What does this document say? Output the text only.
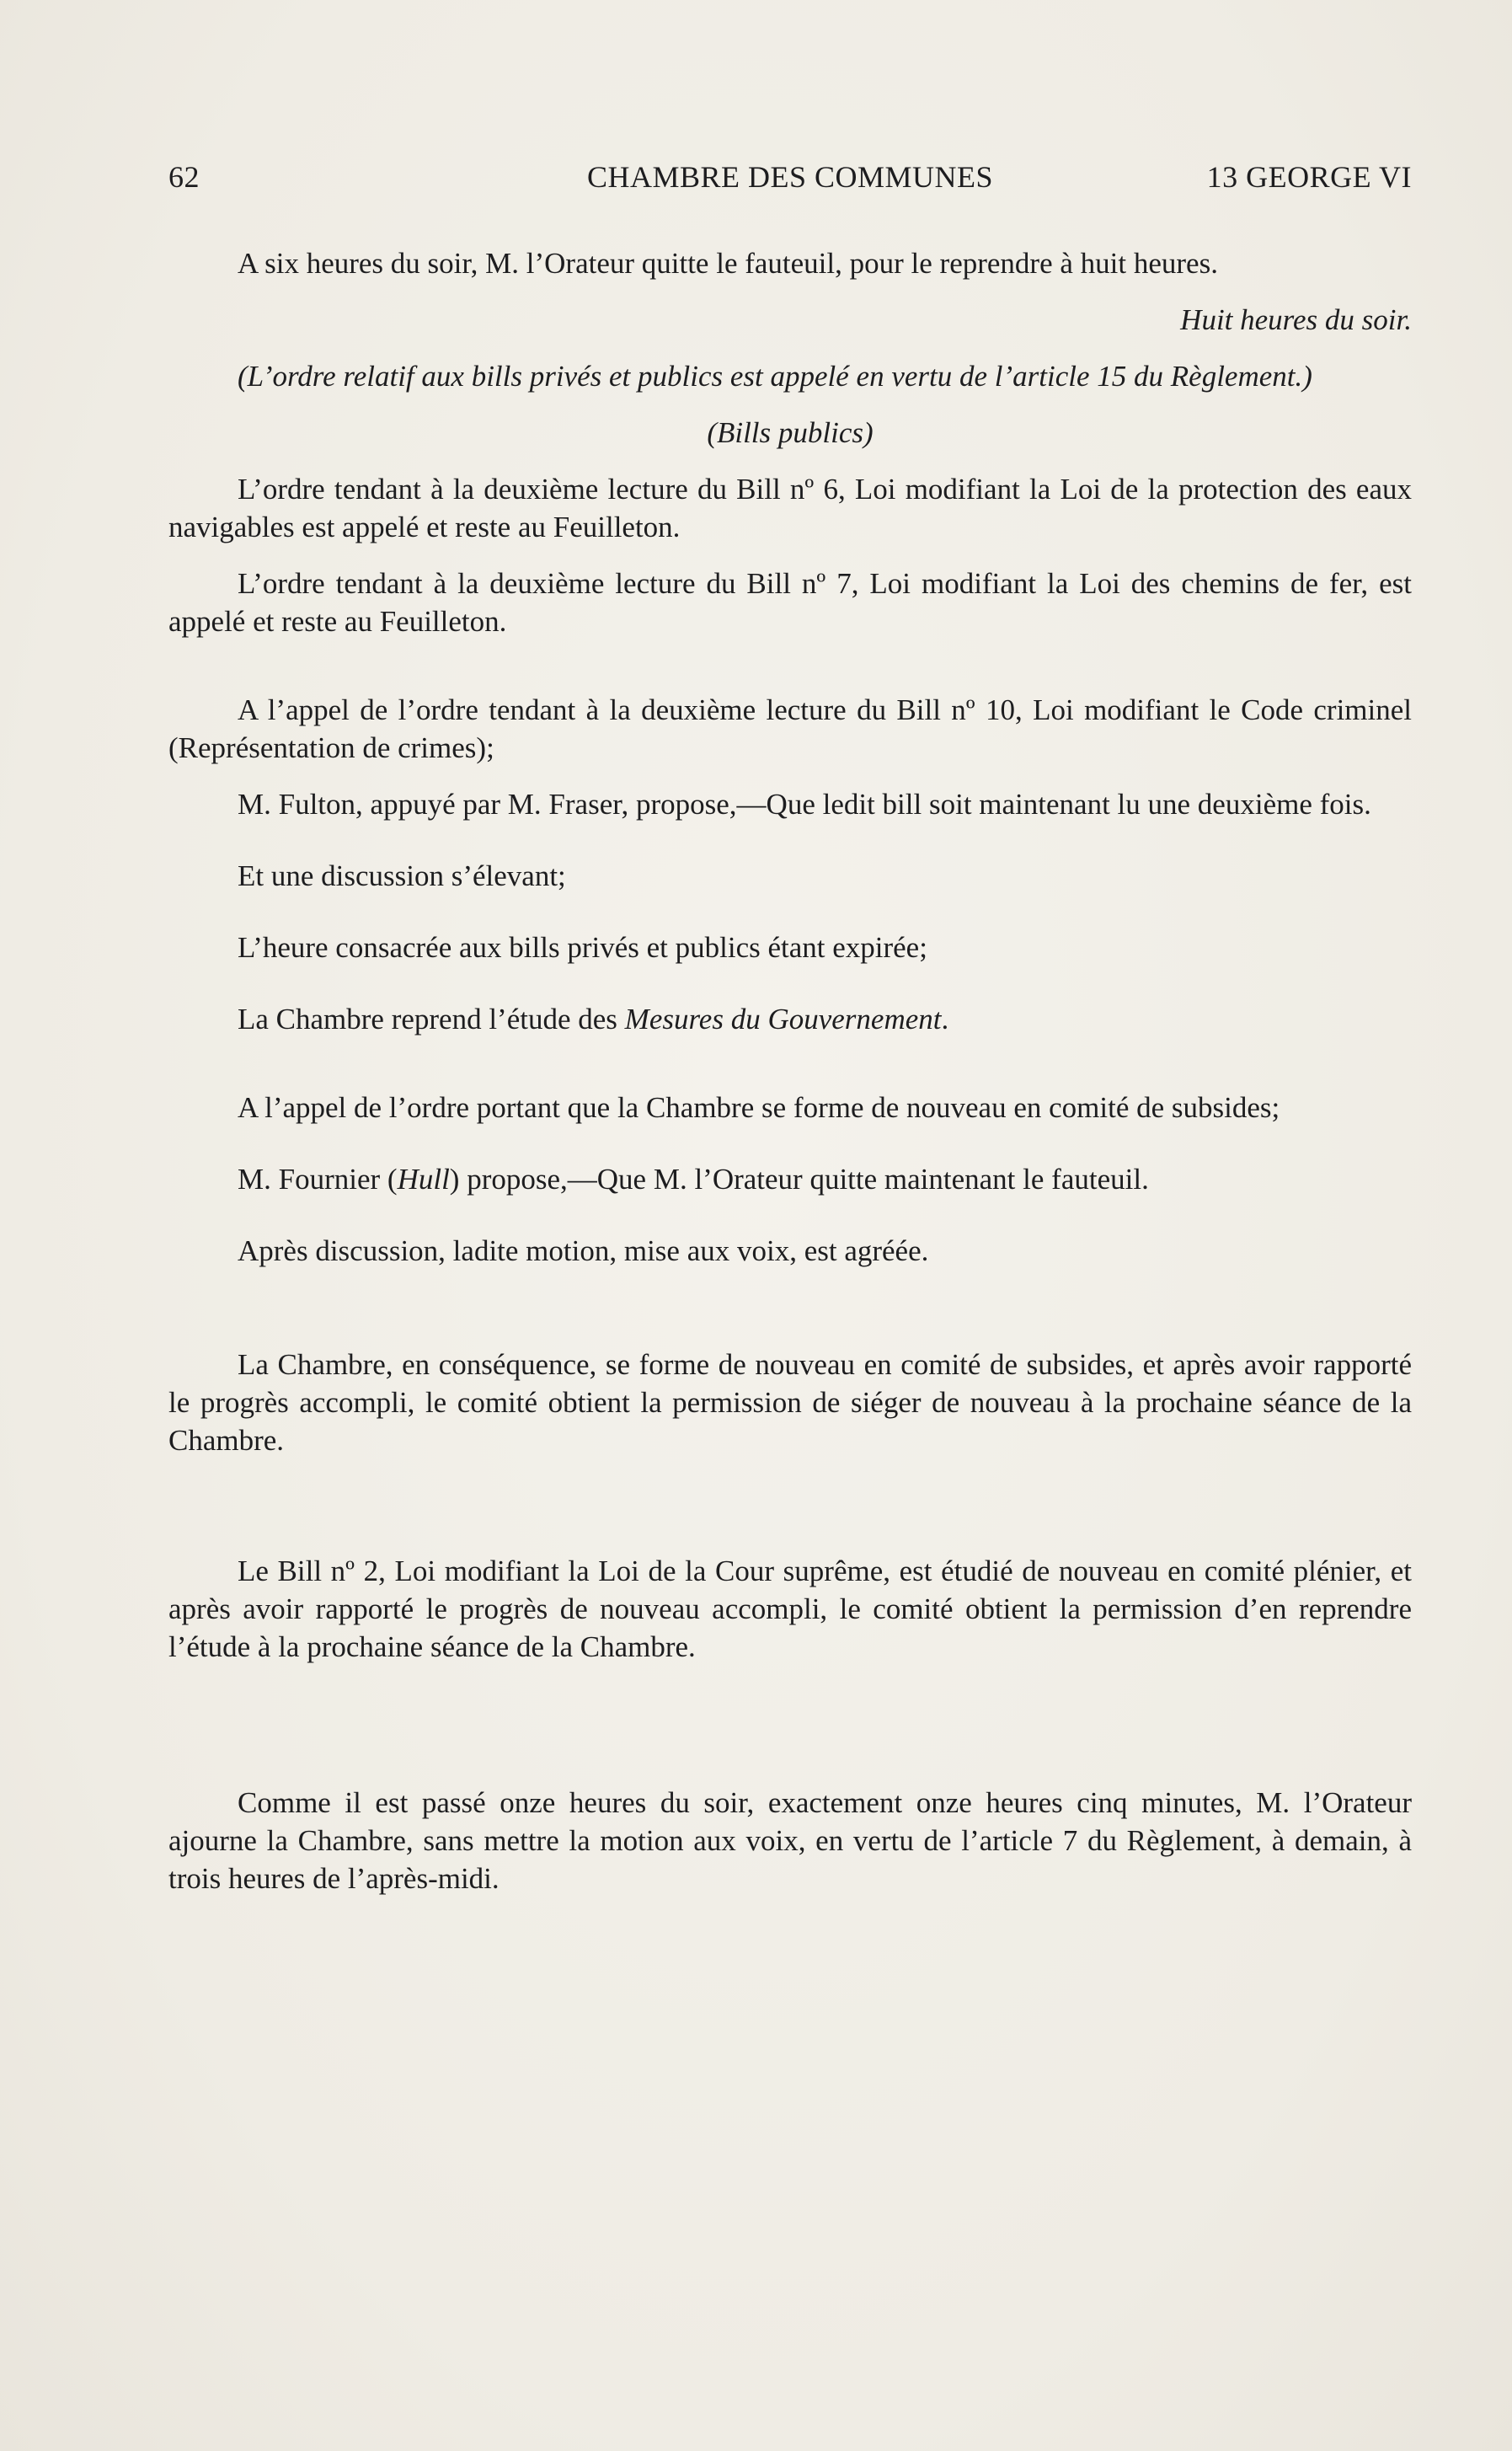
62	CHAMBRE DES COMMUNES	13 GEORGE VI

A six heures du soir, M. l’Orateur quitte le fauteuil, pour le reprendre à huit heures.

Huit heures du soir.

(L’ordre relatif aux bills privés et publics est appelé en vertu de l’article 15 du Règlement.)

(Bills publics)

L’ordre tendant à la deuxième lecture du Bill nº 6, Loi modifiant la Loi de la protection des eaux navigables est appelé et reste au Feuilleton.

L’ordre tendant à la deuxième lecture du Bill nº 7, Loi modifiant la Loi des chemins de fer, est appelé et reste au Feuilleton.

A l’appel de l’ordre tendant à la deuxième lecture du Bill nº 10, Loi modifiant le Code criminel (Représentation de crimes);

M. Fulton, appuyé par M. Fraser, propose,—Que ledit bill soit maintenant lu une deuxième fois.

Et une discussion s’élevant;

L’heure consacrée aux bills privés et publics étant expirée;

La Chambre reprend l’étude des Mesures du Gouvernement.

A l’appel de l’ordre portant que la Chambre se forme de nouveau en comité de subsides;

M. Fournier (Hull) propose,—Que M. l’Orateur quitte maintenant le fauteuil.

Après discussion, ladite motion, mise aux voix, est agréée.

La Chambre, en conséquence, se forme de nouveau en comité de subsides, et après avoir rapporté le progrès accompli, le comité obtient la permission de siéger de nouveau à la prochaine séance de la Chambre.

Le Bill nº 2, Loi modifiant la Loi de la Cour suprême, est étudié de nouveau en comité plénier, et après avoir rapporté le progrès de nouveau accompli, le comité obtient la permission d’en reprendre l’étude à la prochaine séance de la Chambre.

Comme il est passé onze heures du soir, exactement onze heures cinq minutes, M. l’Orateur ajourne la Chambre, sans mettre la motion aux voix, en vertu de l’article 7 du Règlement, à demain, à trois heures de l’après-midi.
